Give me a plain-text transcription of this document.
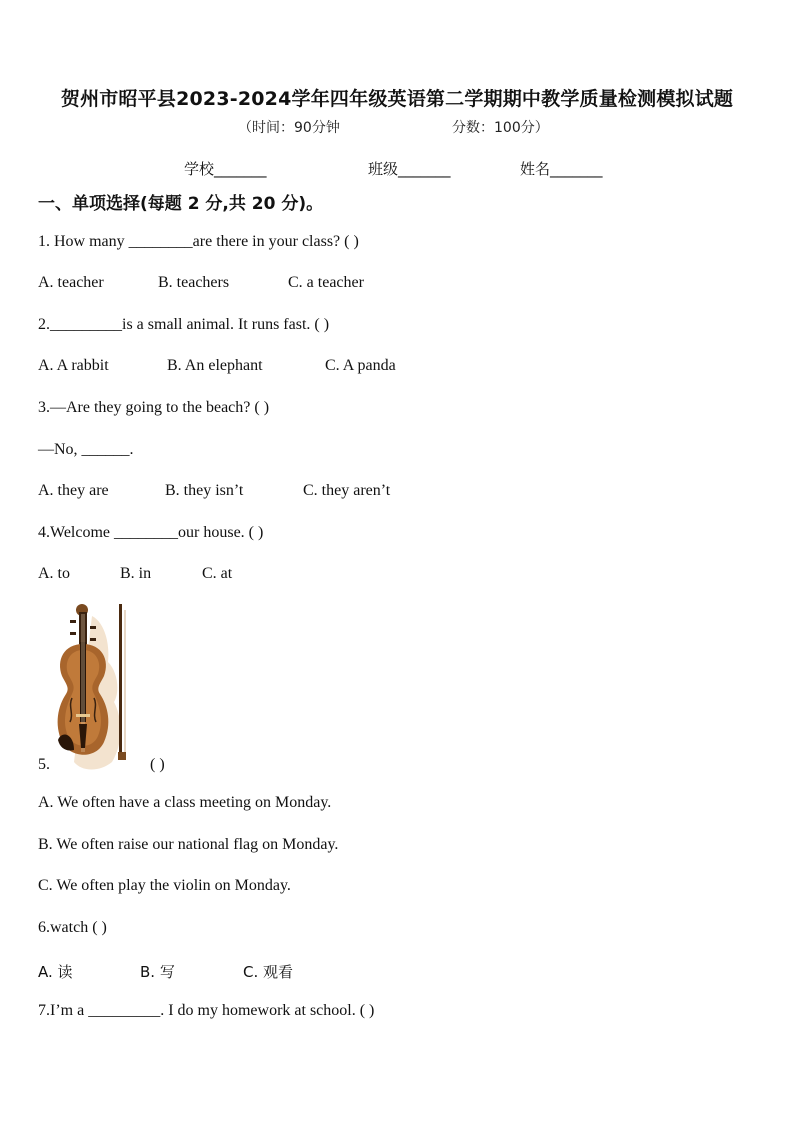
贺州市昭平县2023-2024学年四年级英语第二学期期中教学质量检测模拟试题
（时间：90分钟	分数：100分）
学校_______	班级_______	姓名_______
一、单项选择(每题 2 分,共 20 分)。
1. How many ________are there in your class? ( )
A. teacher	B. teachers	C. a teacher
2._________is a small animal. It runs fast. ( )
A. A rabbit	B. An elephant	C. A panda
3.—Are they going to the beach? ( )
—No, ______.
A. they are	B. they isn’t	C. they aren’t
4.Welcome ________our house. ( )
A. to	B. in	C. at
5.	( )
A. We often have a class meeting on Monday.
B. We often raise our national flag on Monday.
C. We often play the violin on Monday.
6.watch ( )
A. 读	B. 写	C. 观看
7.I’m a _________. I do my homework at school. ( )
